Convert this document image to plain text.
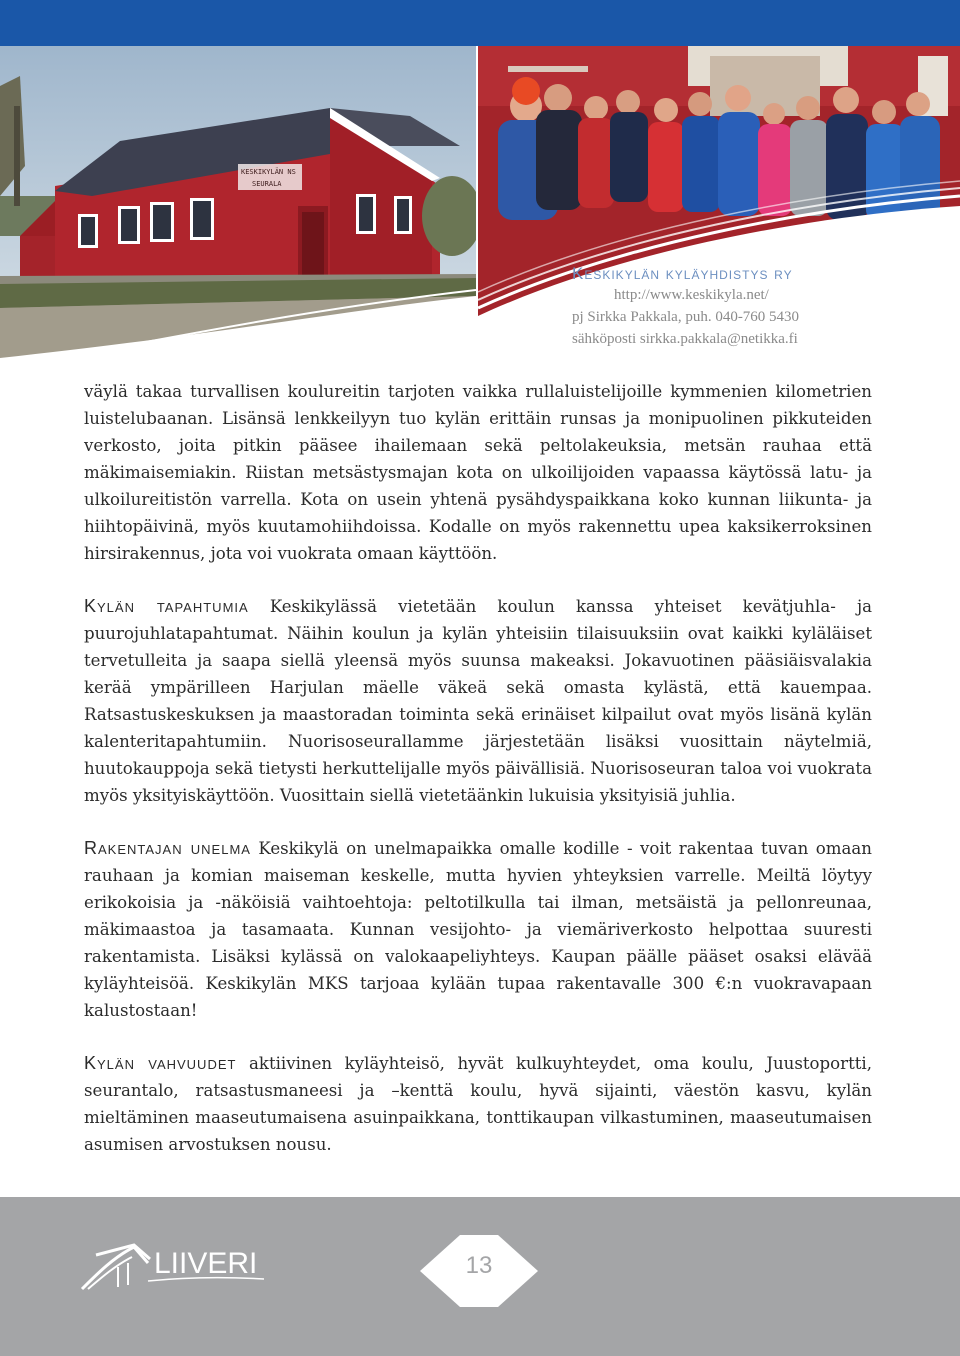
KESKIKYLÄN NS
SEURALA
Keskikylän kyläyhdistys ry
http://www.keskikyla.net/
pj Sirkka Pakkala, puh. 040-760 5430
sähköposti sirkka.pakkala@netikka.fi

väylä takaa turvallisen koulureitin tarjoten vaikka rullaluistelijoille kymmenien kilometrien luistelubaanan. Lisänsä lenkkeilyyn tuo kylän erittäin runsas ja monipuolinen pikkuteiden verkosto, joita pitkin pääsee ihailemaan sekä peltolakeuksia, metsän rauhaa että mäkimaisemiakin. Riistan metsästysmajan kota on ulkoilijoiden vapaassa käytössä latu- ja ulkoilureitistön varrella. Kota on usein yhtenä pysähdyspaikkana koko kunnan liikunta- ja hiihtopäivinä, myös kuutamohiihdoissa. Kodalle on myös rakennettu upea kaksikerroksinen hirsirakennus, jota voi vuokrata omaan käyttöön.

Kylän tapahtumia Keskikylässä vietetään koulun kanssa yhteiset kevätjuhla- ja puurojuhlatapahtumat. Näihin koulun ja kylän yhteisiin tilaisuuksiin ovat kaikki kyläläiset tervetulleita ja saapa siellä yleensä myös suunsa makeaksi. Jokavuotinen pääsiäisvalakia kerää ympärilleen Harjulan mäelle väkeä sekä omasta kylästä, että kauempaa. Ratsastuskeskuksen ja maastoradan toiminta sekä erinäiset kilpailut ovat myös lisänä kylän kalenteritapahtumiin. Nuorisoseurallamme järjestetään lisäksi vuosittain näytelmiä, huutokauppoja sekä tietysti herkuttelijalle myös päivällisiä. Nuorisoseuran taloa voi vuokrata myös yksityiskäyttöön. Vuosittain siellä vietetäänkin lukuisia yksityisiä juhlia.

Rakentajan unelma Keskikylä on unelmapaikka omalle kodille - voit rakentaa tuvan omaan rauhaan ja komian maiseman keskelle, mutta hyvien yhteyksien varrelle. Meiltä löytyy erikokoisia ja -näköisiä vaihtoehtoja: peltotilkulla tai ilman, metsäistä ja pellonreunaa, mäkimaastoa ja tasamaata. Kunnan vesijohto- ja viemäriverkosto helpottaa suuresti rakentamista. Lisäksi kylässä on valokaapeliyhteys. Kaupan päälle pääset osaksi elävää kyläyhteisöä. Keskikylän MKS tarjoaa kylään tupaa rakentavalle 300 €:n vuokravapaan kalustostaan!

Kylän vahvuudet aktiivinen kyläyhteisö, hyvät kulkuyhteydet, oma koulu, Juustoportti, seurantalo, ratsastusmaneesi ja –kenttä koulu, hyvä sijainti, väestön kasvu, kylän mieltäminen maaseutumaisena asuinpaikkana, tonttikaupan vilkastuminen, maaseutumaisen asumisen arvostuksen nousu.

LIIVERI	13
